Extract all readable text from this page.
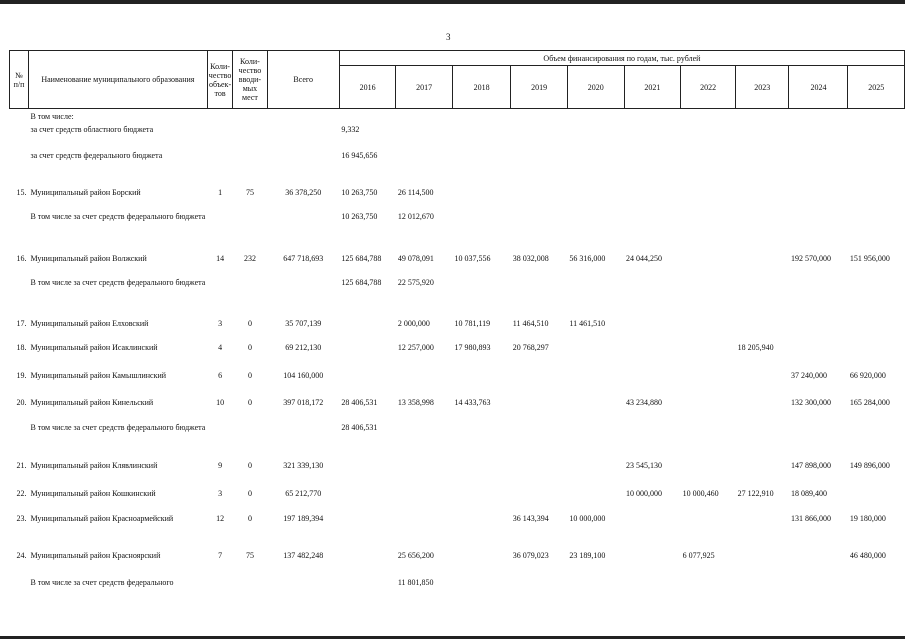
3
№ п/п	Наименование муниципального образования	Коли-чество объек-тов	Коли-чество вводи-мых мест	Всего	Объем финансирования по годам, тыс. рублей									
					2016	2017	2018	2019	2020	2021	2022	2023	2024	2025
	В том числе:													
	за счет средств областного бюджета				9,332									
	за счет средств федерального бюджета				16 945,656									
15.	Муниципальный район Борский	1	75	36 378,250	10 263,750	26 114,500								
	В том числе за счет средств федерального бюджета				10 263,750	12 012,670								
16.	Муниципальный район Волжский	14	232	647 718,693	125 684,788	49 078,091	10 037,556	38 032,008	56 316,000	24 044,250			192 570,000	151 956,000
	В том числе за счет средств федерального бюджета				125 684,788	22 575,920								
17.	Муниципальный район Елховский	3	0	35 707,139		2 000,000	10 781,119	11 464,510	11 461,510					
18.	Муниципальный район Исаклинский	4	0	69 212,130		12 257,000	17 980,893	20 768,297				18 205,940		
19.	Муниципальный район Камышлинский	6	0	104 160,000									37 240,000	66 920,000
20.	Муниципальный район Кинельский	10	0	397 018,172	28 406,531	13 358,998	14 433,763			43 234,880			132 300,000	165 284,000
	В том числе за счет средств федерального бюджета				28 406,531									
21.	Муниципальный район Клявлинский	9	0	321 339,130						23 545,130			147 898,000	149 896,000
22.	Муниципальный район Кошкинский	3	0	65 212,770						10 000,000	10 000,460	27 122,910	18 089,400	
23.	Муниципальный район Красноармейский	12	0	197 189,394				36 143,394	10 000,000				131 866,000	19 180,000
24.	Муниципальный район Красноярский	7	75	137 482,248		25 656,200		36 079,023	23 189,100		6 077,925			46 480,000
	В том числе за счет средств федерального					11 801,850								
